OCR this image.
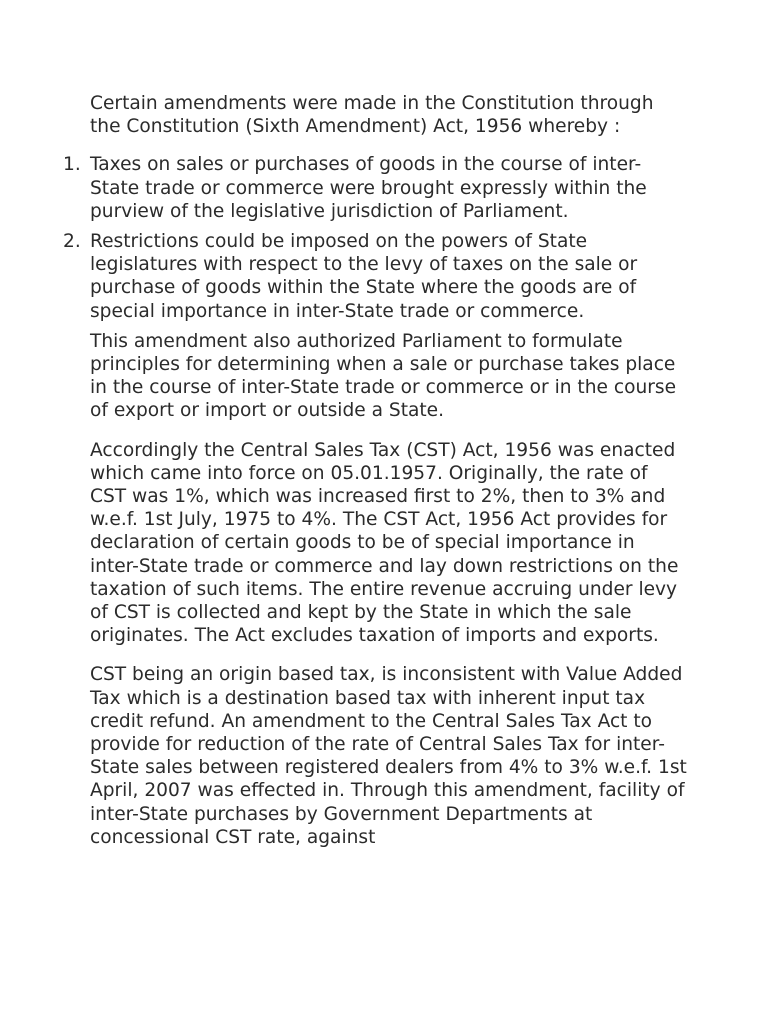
Certain amendments were made in the Constitution through the Constitution (Sixth Amendment) Act, 1956 whereby :

1. Taxes on sales or purchases of goods in the course of inter-State trade or commerce were brought expressly within the purview of the legislative jurisdiction of Parliament.
2. Restrictions could be imposed on the powers of State legislatures with respect to the levy of taxes on the sale or purchase of goods within the State where the goods are of special importance in inter-State trade or commerce.

This amendment also authorized Parliament to formulate principles for determining when a sale or purchase takes place in the course of inter-State trade or commerce or in the course of export or import or outside a State.

Accordingly the Central Sales Tax (CST) Act, 1956 was enacted which came into force on 05.01.1957. Originally, the rate of CST was 1%, which was increased first to 2%, then to 3% and w.e.f. 1st July, 1975 to 4%. The CST Act, 1956 Act provides for declaration of certain goods to be of special importance in inter-State trade or commerce and lay down restrictions on the taxation of such items. The entire revenue accruing under levy of CST is collected and kept by the State in which the sale originates. The Act excludes taxation of imports and exports.

CST being an origin based tax, is inconsistent with Value Added Tax which is a destination based tax with inherent input tax credit refund. An amendment to the Central Sales Tax Act to provide for reduction of the rate of Central Sales Tax for inter-State sales between registered dealers from 4% to 3% w.e.f. 1st April, 2007 was effected in. Through this amendment, facility of inter-State purchases by Government Departments at concessional CST rate, against
